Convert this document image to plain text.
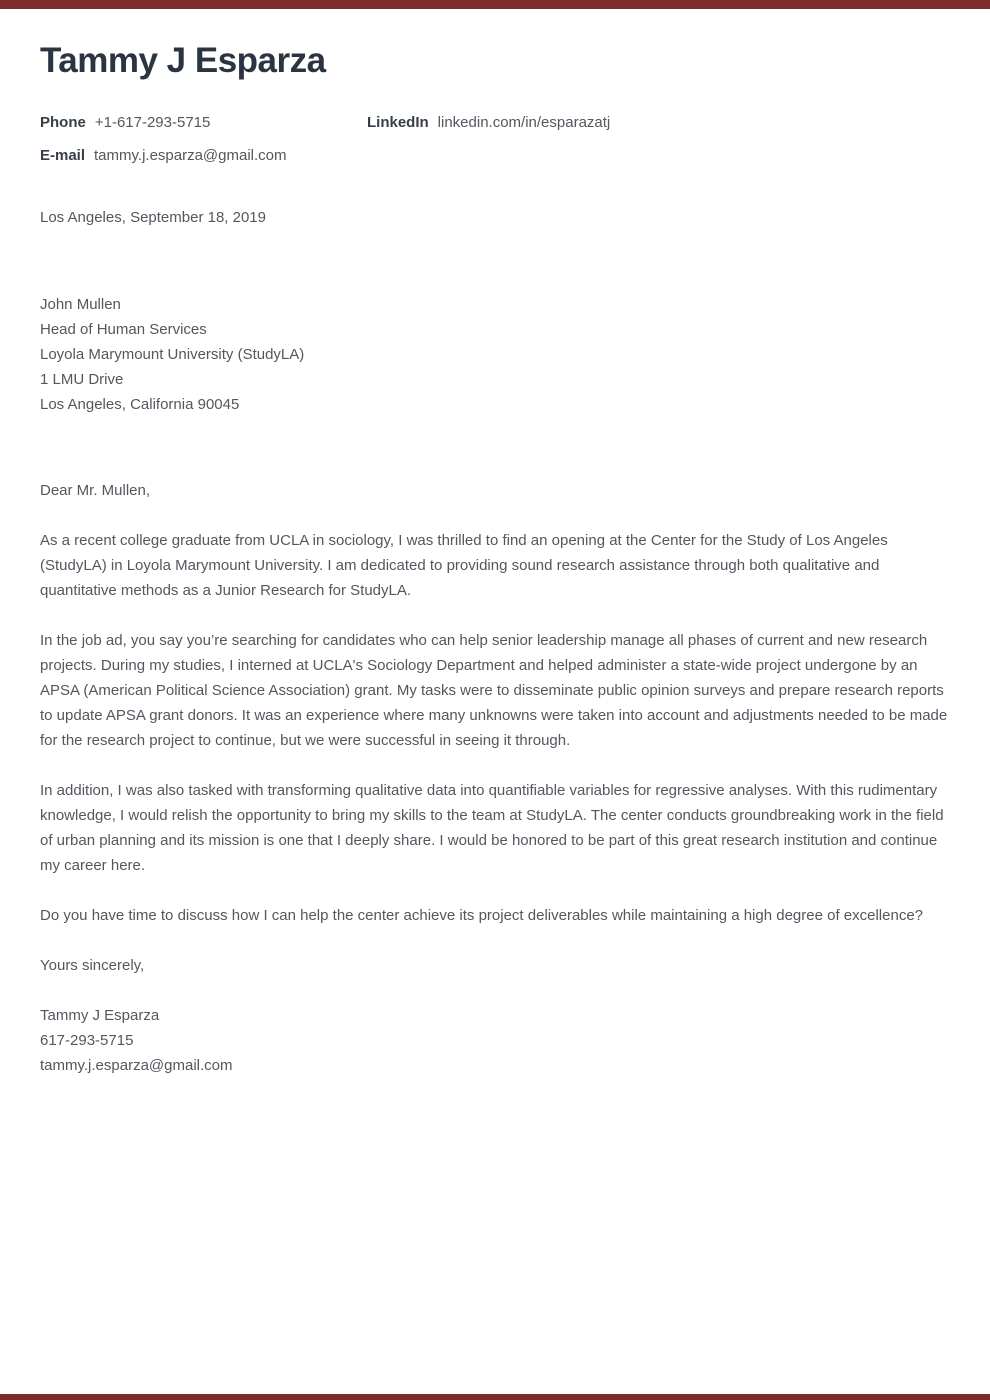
Tammy J Esparza
Phone +1-617-293-5715	LinkedIn linkedin.com/in/esparazatj
E-mail tammy.j.esparza@gmail.com

Los Angeles, September 18, 2019

John Mullen

Head of Human Services

Loyola Marymount University (StudyLA)

1 LMU Drive

Los Angeles, California 90045

Dear Mr. Mullen,

As a recent college graduate from UCLA in sociology, I was thrilled to find an opening at the Center for the Study of Los Angeles (StudyLA) in Loyola Marymount University. I am dedicated to providing sound research assistance through both qualitative and quantitative methods as a Junior Research for StudyLA.

In the job ad, you say you’re searching for candidates who can help senior leadership manage all phases of current and new research projects. During my studies, I interned at UCLA's Sociology Department and helped administer a state-wide project undergone by an APSA (American Political Science Association) grant. My tasks were to disseminate public opinion surveys and prepare research reports to update APSA grant donors. It was an experience where many unknowns were taken into account and adjustments needed to be made for the research project to continue, but we were successful in seeing it through.

In addition, I was also tasked with transforming qualitative data into quantifiable variables for regressive analyses. With this rudimentary knowledge, I would relish the opportunity to bring my skills to the team at StudyLA. The center conducts groundbreaking work in the field of urban planning and its mission is one that I deeply share. I would be honored to be part of this great research institution and continue my career here.

Do you have time to discuss how I can help the center achieve its project deliverables while maintaining a high degree of excellence?

Yours sincerely,

Tammy J Esparza

617-293-5715

tammy.j.esparza@gmail.com
